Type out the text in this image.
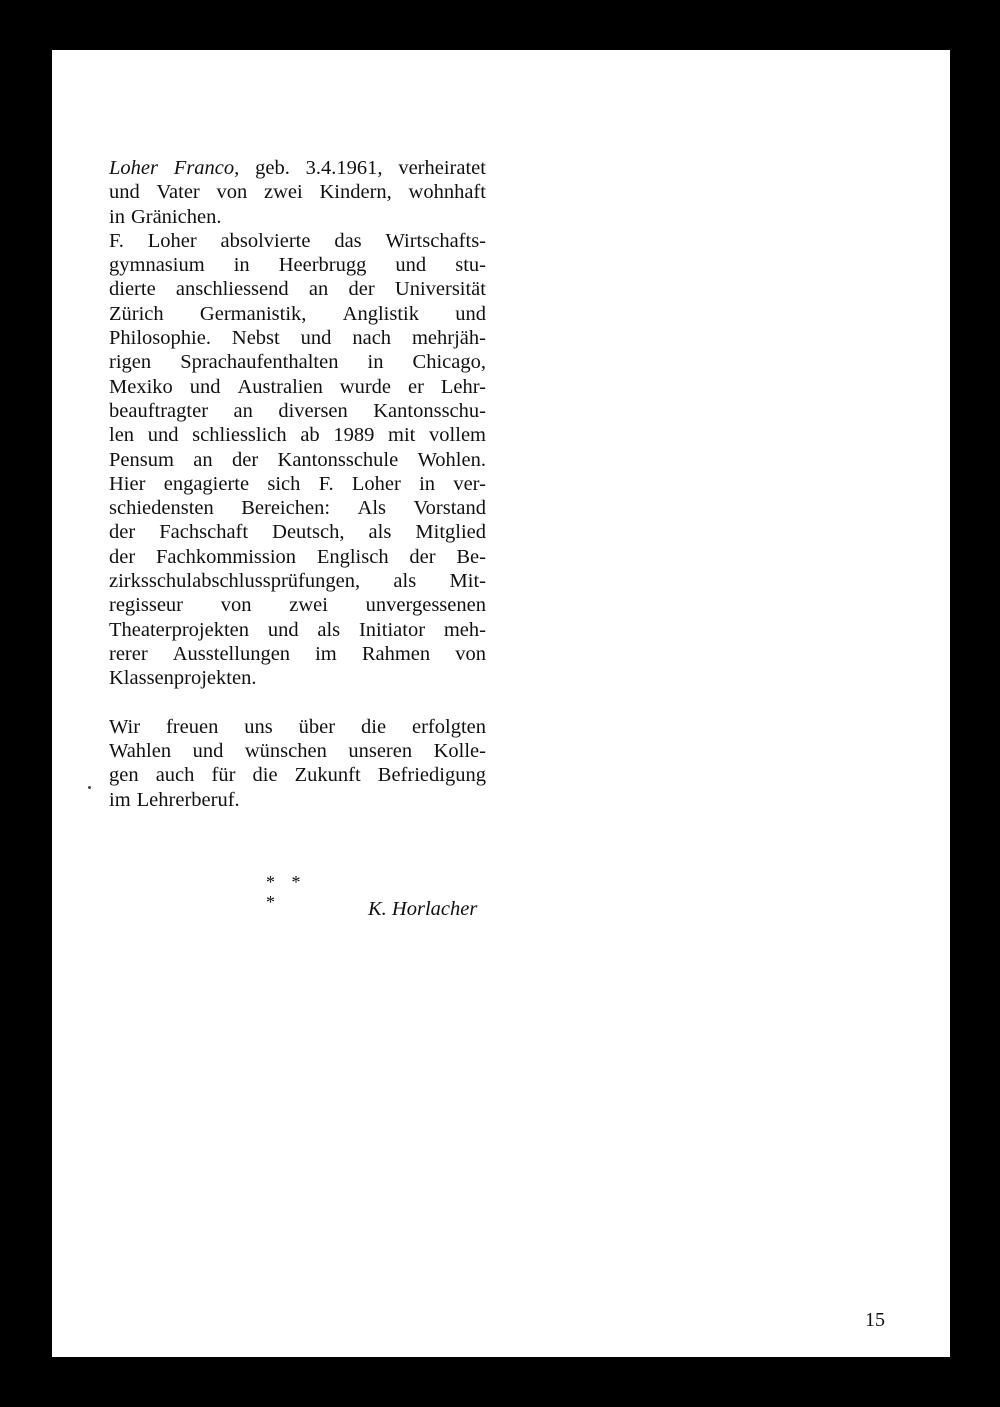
Loher Franco, geb. 3.4.1961, verheiratet
und Vater von zwei Kindern, wohnhaft
in Gränichen.
F. Loher absolvierte das Wirtschafts-
gymnasium in Heerbrugg und stu-
dierte anschliessend an der Universität
Zürich Germanistik, Anglistik und
Philosophie. Nebst und nach mehrjäh-
rigen Sprachaufenthalten in Chicago,
Mexiko und Australien wurde er Lehr-
beauftragter an diversen Kantonsschu-
len und schliesslich ab 1989 mit vollem
Pensum an der Kantonsschule Wohlen.
Hier engagierte sich F. Loher in ver-
schiedensten Bereichen: Als Vorstand
der Fachschaft Deutsch, als Mitglied
der Fachkommission Englisch der Be-
zirksschulabschlussprüfungen, als Mit-
regisseur von zwei unvergessenen
Theaterprojekten und als Initiator meh-
rerer Ausstellungen im Rahmen von
Klassenprojekten.
Wir freuen uns über die erfolgten
Wahlen und wünschen unseren Kolle-
gen auch für die Zukunft Befriedigung
im Lehrerberuf.
* * *	K. Horlacher
15
